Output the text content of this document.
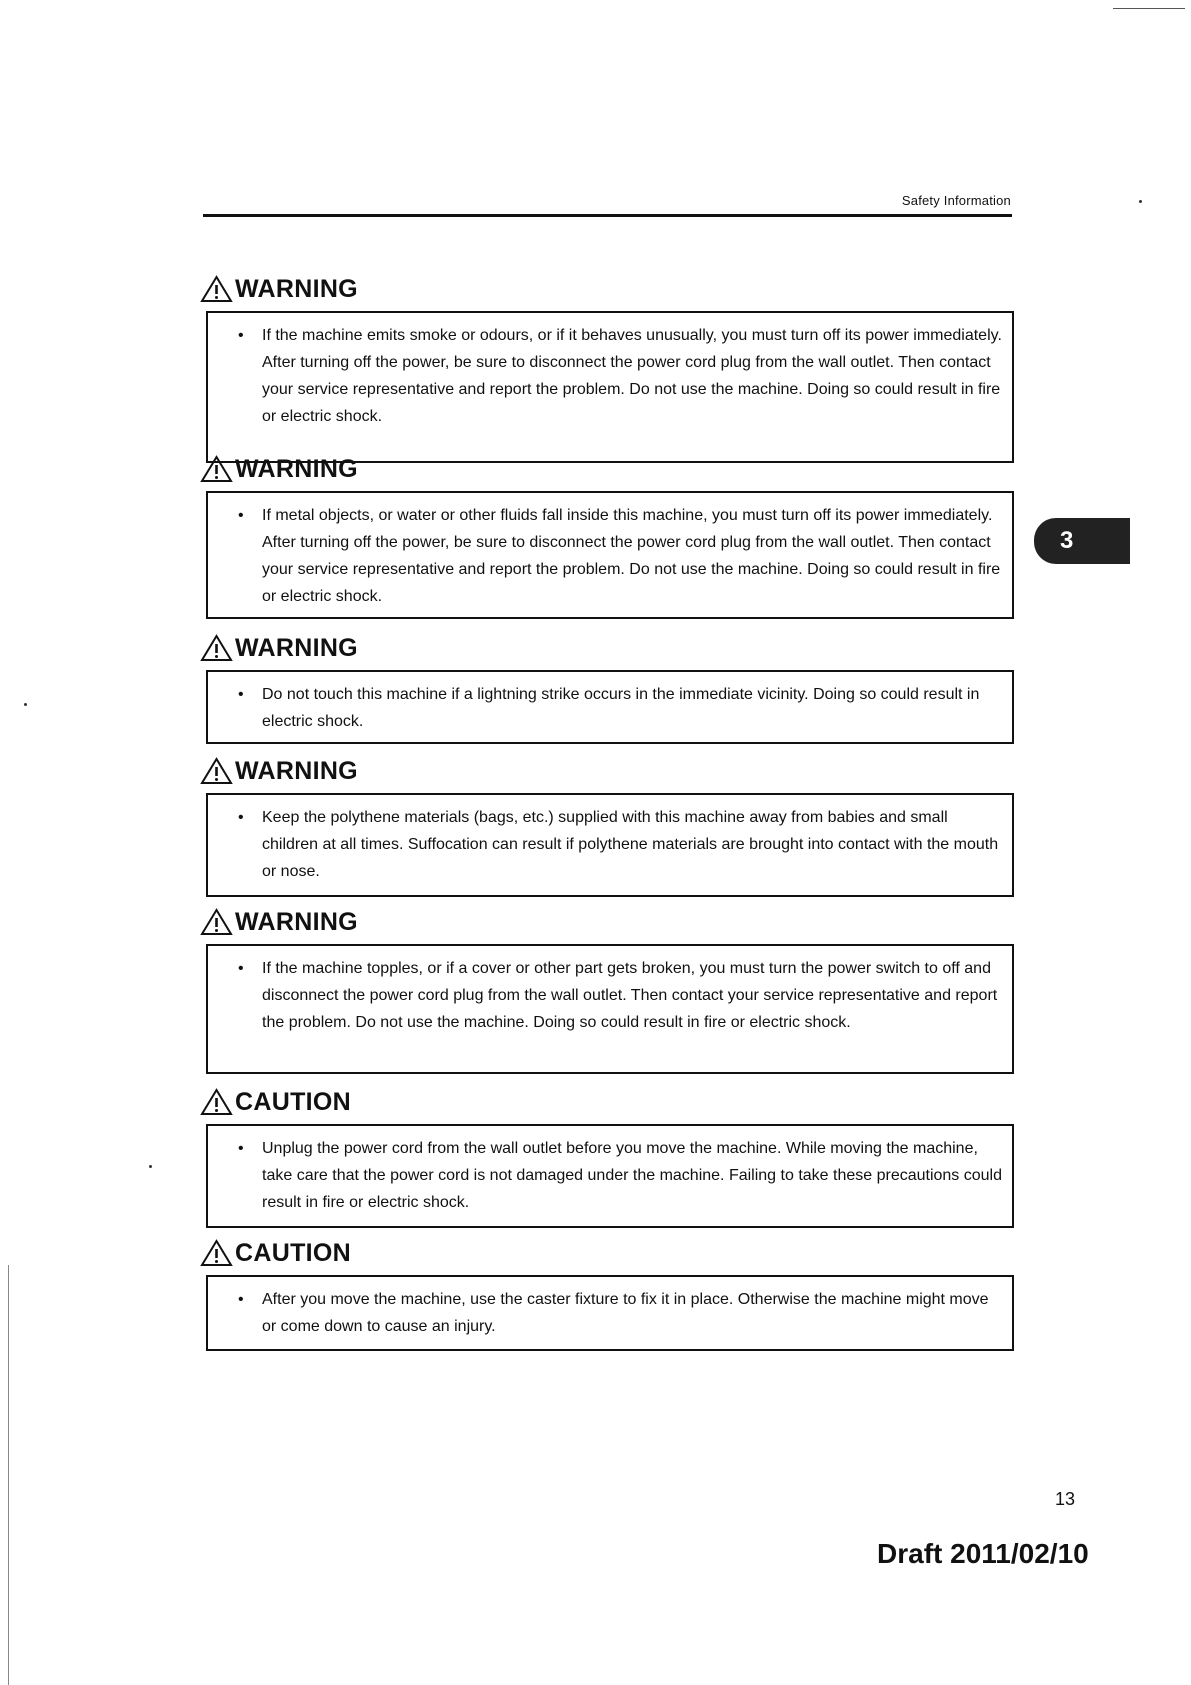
Safety Information
WARNING
•	If the machine emits smoke or odours, or if it behaves unusually, you must turn off its power immediately. After turning off the power, be sure to disconnect the power cord plug from the wall outlet. Then contact your service representative and report the problem. Do not use the machine. Doing so could result in fire or electric shock.
WARNING
•	If metal objects, or water or other fluids fall inside this machine, you must turn off its power immediately. After turning off the power, be sure to disconnect the power cord plug from the wall outlet. Then contact your service representative and report the problem. Do not use the machine. Doing so could result in fire or electric shock.
WARNING
•	Do not touch this machine if a lightning strike occurs in the immediate vicinity. Doing so could result in electric shock.
WARNING
•	Keep the polythene materials (bags, etc.) supplied with this machine away from babies and small children at all times. Suffocation can result if polythene materials are brought into contact with the mouth or nose.
WARNING
•	If the machine topples, or if a cover or other part gets broken, you must turn the power switch to off and disconnect the power cord plug from the wall outlet. Then contact your service representative and report the problem. Do not use the machine. Doing so could result in fire or electric shock.
CAUTION
•	Unplug the power cord from the wall outlet before you move the machine. While moving the machine, take care that the power cord is not damaged under the machine. Failing to take these precautions could result in fire or electric shock.
CAUTION
•	After you move the machine, use the caster fixture to fix it in place. Otherwise the machine might move or come down to cause an injury.
3
13
Draft 2011/02/10
